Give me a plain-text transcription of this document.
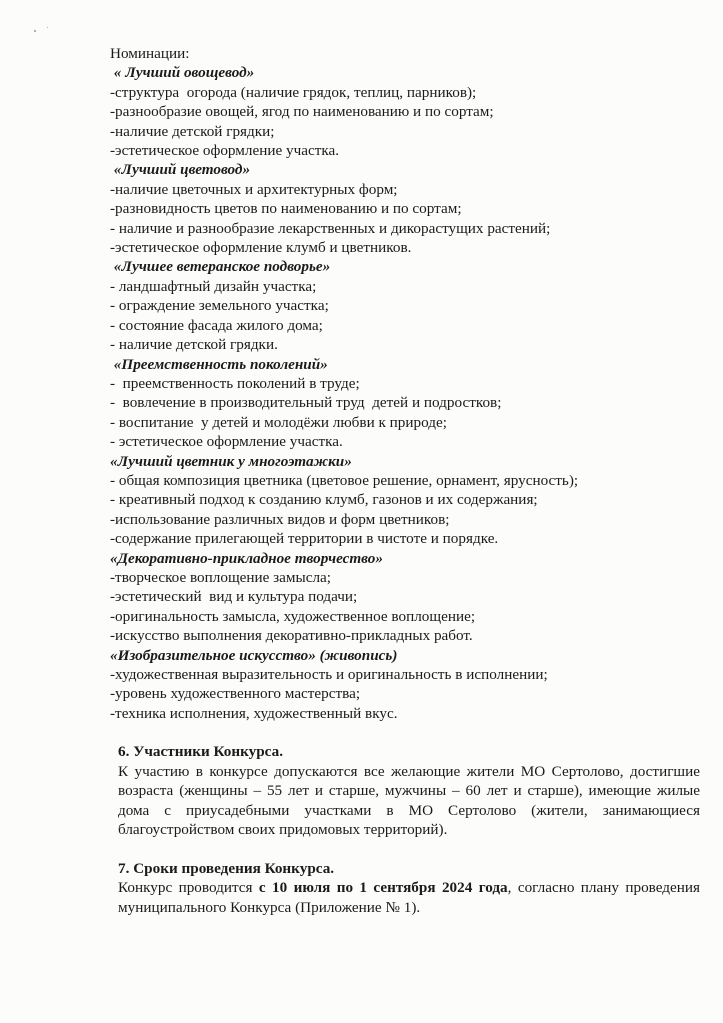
Номинации:
« Лучший овощевод»
-структура  огорода (наличие грядок, теплиц, парников);
-разнообразие овощей, ягод по наименованию и по сортам;
-наличие детской грядки;
-эстетическое оформление участка.
«Лучший цветовод»
-наличие цветочных и архитектурных форм;
-разновидность цветов по наименованию и по сортам;
- наличие и разнообразие лекарственных и дикорастущих растений;
-эстетическое оформление клумб и цветников.
«Лучшее ветеранское подворье»
- ландшафтный дизайн участка;
- ограждение земельного участка;
- состояние фасада жилого дома;
- наличие детской грядки.
«Преемственность поколений»
-  преемственность поколений в труде;
-  вовлечение в производительный труд  детей и подростков;
- воспитание  у детей и молодёжи любви к природе;
- эстетическое оформление участка.
«Лучший цветник у многоэтажки»
- общая композиция цветника (цветовое решение, орнамент, ярусность);
- креативный подход к созданию клумб, газонов и их содержания;
-использование различных видов и форм цветников;
-содержание прилегающей территории в чистоте и порядке.
«Декоративно-прикладное творчество»
-творческое воплощение замысла;
-эстетический  вид и культура подачи;
-оригинальность замысла, художественное воплощение;
-искусство выполнения декоративно-прикладных работ.
«Изобразительное искусство» (живопись)
-художественная выразительность и оригинальность в исполнении;
-уровень художественного мастерства;
-техника исполнения, художественный вкус.
6. Участники Конкурса.
К участию в конкурсе допускаются все желающие жители МО Сертолово, достигшие возраста (женщины – 55 лет и старше, мужчины – 60 лет и старше), имеющие жилые дома с приусадебными участками в МО Сертолово (жители, занимающиеся благоустройством своих придомовых территорий).
7. Сроки проведения Конкурса.
Конкурс проводится с 10 июля по 1 сентября 2024 года, согласно плану проведения муниципального Конкурса (Приложение № 1).
